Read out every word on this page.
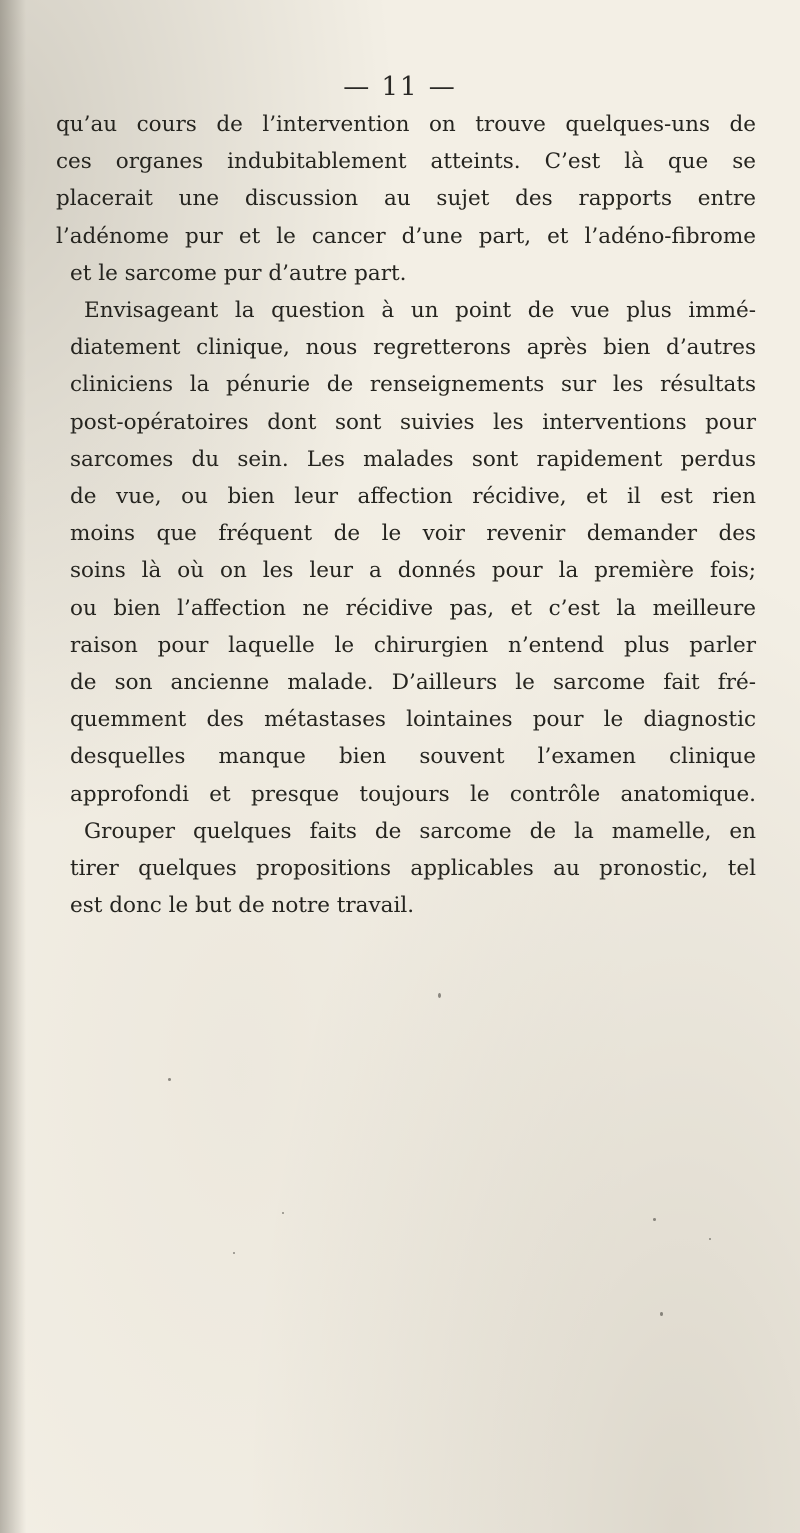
— 11 —
qu’au cours de l’intervention on trouve quelques-uns de
ces organes indubitablement atteints. C’est là que se
placerait une discussion au sujet des rapports entre
l’adénome pur et le cancer d’une part, et l’adéno-fibrome
et le sarcome pur d’autre part.
Envisageant la question à un point de vue plus immé-
diatement clinique, nous regretterons après bien d’autres
cliniciens la pénurie de renseignements sur les résultats
post-opératoires dont sont suivies les interventions pour
sarcomes du sein. Les malades sont rapidement perdus
de vue, ou bien leur affection récidive, et il est rien
moins que fréquent de le voir revenir demander des
soins là où on les leur a donnés pour la première fois;
ou bien l’affection ne récidive pas, et c’est la meilleure
raison pour laquelle le chirurgien n’entend plus parler
de son ancienne malade. D’ailleurs le sarcome fait fré-
quemment des métastases lointaines pour le diagnostic
desquelles manque bien souvent l’examen clinique
approfondi et presque toujours le contrôle anatomique.
Grouper quelques faits de sarcome de la mamelle, en
tirer quelques propositions applicables au pronostic, tel
est donc le but de notre travail.
